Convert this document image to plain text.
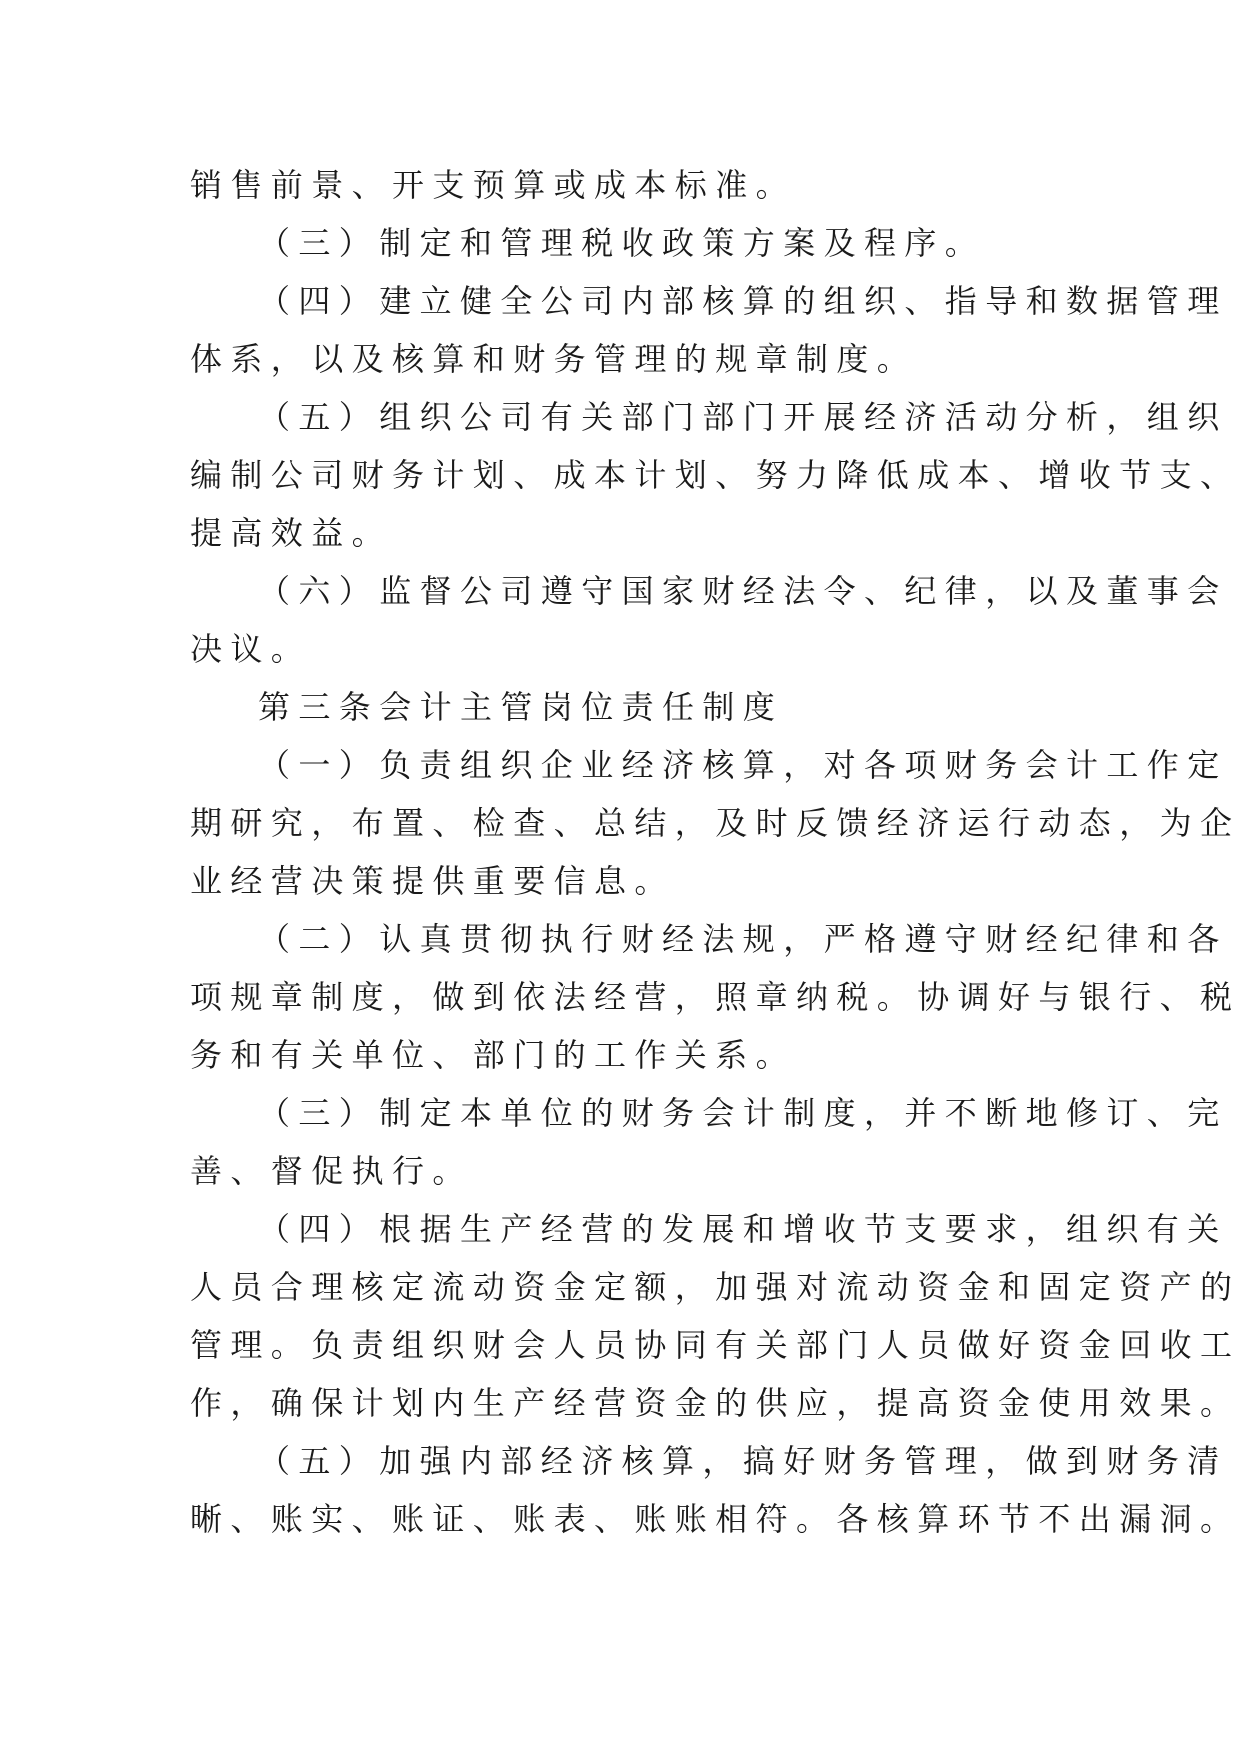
销售前景、开支预算或成本标准。
（三）制定和管理税收政策方案及程序。
（四）建立健全公司内部核算的组织、指导和数据管理
体系，以及核算和财务管理的规章制度。
（五）组织公司有关部门部门开展经济活动分析，组织
编制公司财务计划、成本计划、努力降低成本、增收节支、
提高效益。
（六）监督公司遵守国家财经法令、纪律，以及董事会
决议。
第三条会计主管岗位责任制度
（一）负责组织企业经济核算，对各项财务会计工作定
期研究，布置、检查、总结，及时反馈经济运行动态，为企
业经营决策提供重要信息。
（二）认真贯彻执行财经法规，严格遵守财经纪律和各
项规章制度，做到依法经营，照章纳税。协调好与银行、税
务和有关单位、部门的工作关系。
（三）制定本单位的财务会计制度，并不断地修订、完
善、督促执行。
（四）根据生产经营的发展和增收节支要求，组织有关
人员合理核定流动资金定额，加强对流动资金和固定资产的
管理。负责组织财会人员协同有关部门人员做好资金回收工
作，确保计划内生产经营资金的供应，提高资金使用效果。
（五）加强内部经济核算，搞好财务管理，做到财务清
晰、账实、账证、账表、账账相符。各核算环节不出漏洞。
